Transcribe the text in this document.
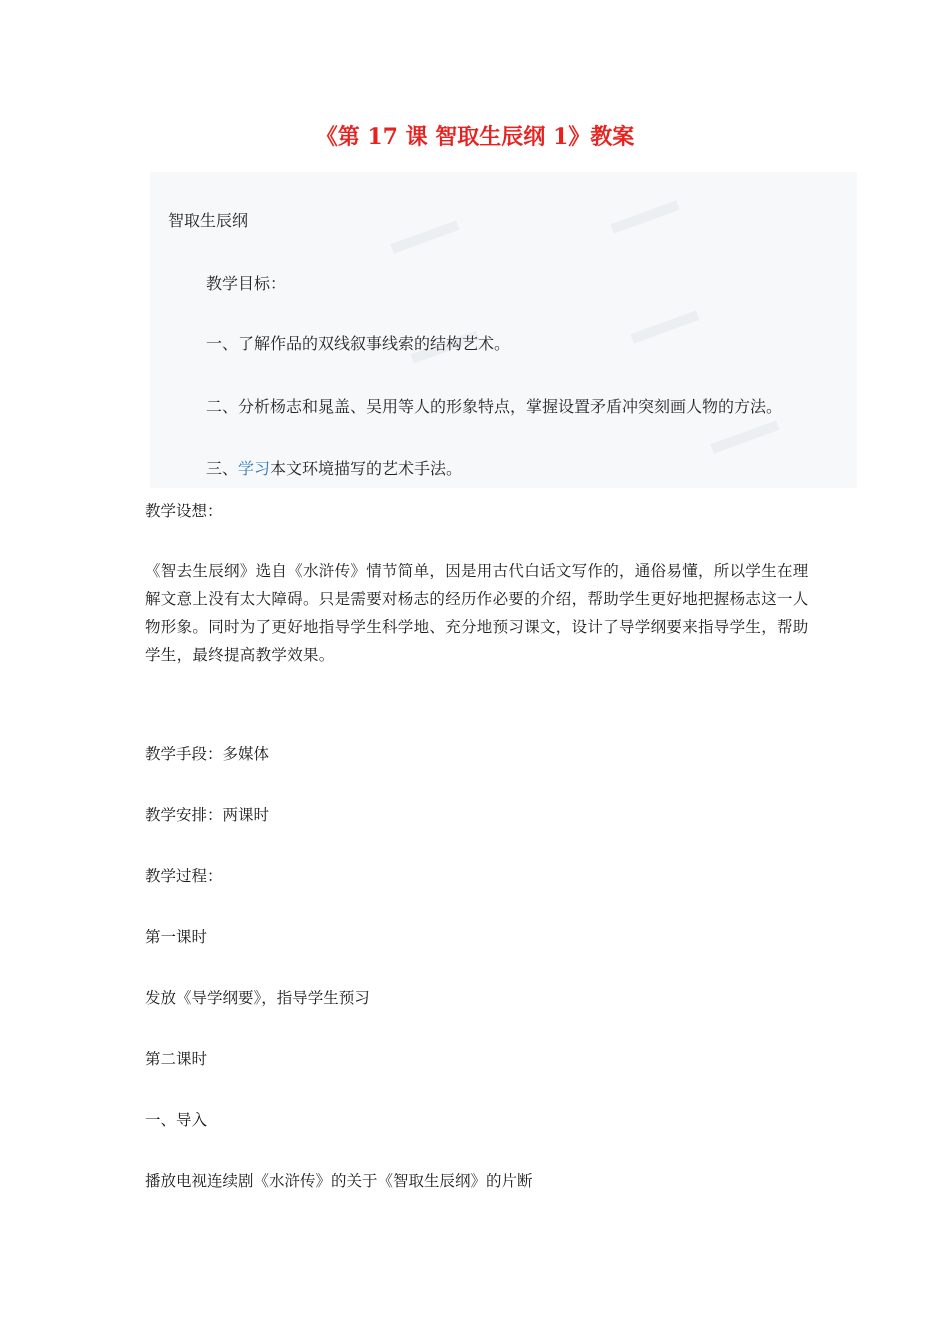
《第 17 课 智取生辰纲 1》教案
智取生辰纲
教学目标：
一、了解作品的双线叙事线索的结构艺术。
二、分析杨志和晁盖、吴用等人的形象特点，掌握设置矛盾冲突刻画人物的方法。
三、学习本文环境描写的艺术手法。
教学设想：
《智去生辰纲》选自《水浒传》情节简单，因是用古代白话文写作的，通俗易懂，所以学生在理解文意上没有太大障碍。只是需要对杨志的经历作必要的介绍，帮助学生更好地把握杨志这一人物形象。同时为了更好地指导学生科学地、充分地预习课文，设计了导学纲要来指导学生，帮助学生，最终提高教学效果。
教学手段：多媒体
教学安排：两课时
教学过程：
第一课时
发放《导学纲要》，指导学生预习
第二课时
一、导入
播放电视连续剧《水浒传》的关于《智取生辰纲》的片断
